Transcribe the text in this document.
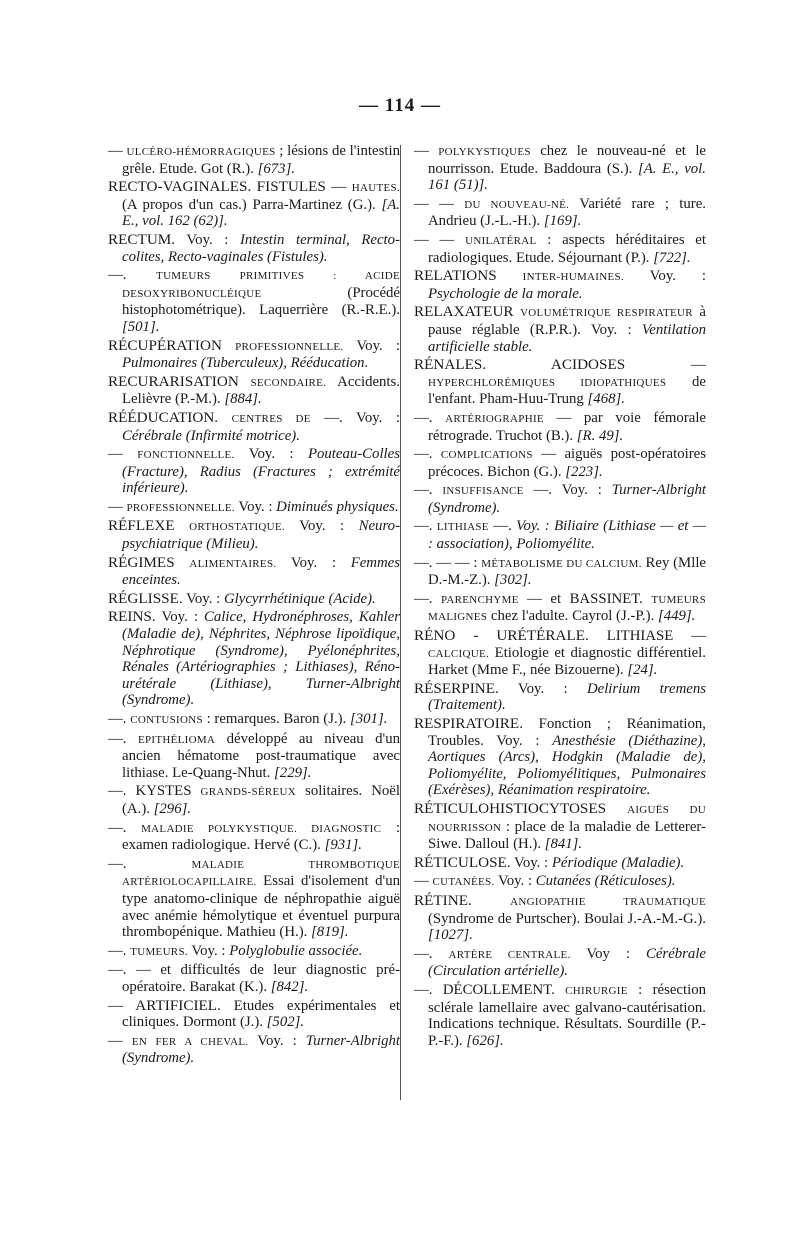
— 114 —

— ULCÉRO-HÉMORRAGIQUES ; lésions de l'intestin grêle. Etude. Got (R.). [673].

RECTO-VAGINALES. FISTULES — HAUTES. (A propos d'un cas.) Parra-Martinez (G.). [A. E., vol. 162 (62)].

RECTUM. Voy. : Intestin terminal, Recto-colites, Recto-vaginales (Fistules).

—. TUMEURS PRIMITIVES : ACIDE DESOXYRIBONUCLÉIQUE (Procédé histophotométrique). Laquerrière (R.-R.E.). [501].

RÉCUPÉRATION PROFESSIONNELLE. Voy. : Pulmonaires (Tuberculeux), Rééducation.

RECURARISATION SECONDAIRE. Accidents. Lelièvre (P.-M.). [884].

RÉÉDUCATION. CENTRES DE —. Voy. : Cérébrale (Infirmité motrice).

— FONCTIONNELLE. Voy. : Pouteau-Colles (Fracture), Radius (Fractures ; extrémité inférieure).

— PROFESSIONNELLE. Voy. : Diminués physiques.

RÉFLEXE ORTHOSTATIQUE. Voy. : Neuro-psychiatrique (Milieu).

RÉGIMES ALIMENTAIRES. Voy. : Femmes enceintes.

RÉGLISSE. Voy. : Glycyrrhétinique (Acide).

REINS. Voy. : Calice, Hydronéphroses, Kahler (Maladie de), Néphrites, Néphrose lipoïdique, Néphrotique (Syndrome), Pyélonéphrites, Rénales (Artériographies ; Lithiases), Réno-urétérale (Lithiase), Turner-Albright (Syndrome).

—. CONTUSIONS : remarques. Baron (J.). [301].

—. EPITHÉLIOMA développé au niveau d'un ancien hématome post-traumatique avec lithiase. Le-Quang-Nhut. [229].

—. KYSTES GRANDS-SÉREUX solitaires. Noël (A.). [296].

—. MALADIE POLYKYSTIQUE. DIAGNOSTIC : examen radiologique. Hervé (C.). [931].

—. MALADIE THROMBOTIQUE ARTÉRIOLOCAPILLAIRE. Essai d'isolement d'un type anatomo-clinique de néphropathie aiguë avec anémie hémolytique et éventuel purpura thrombopénique. Mathieu (H.). [819].

—. TUMEURS. Voy. : Polyglobulie associée.

—. — et difficultés de leur diagnostic pré-opératoire. Barakat (K.). [842].

— ARTIFICIEL. Etudes expérimentales et cliniques. Dormont (J.). [502].

— EN FER A CHEVAL. Voy. : Turner-Albright (Syndrome).

— POLYKYSTIQUES chez le nouveau-né et le nourrisson. Etude. Baddoura (S.). [A. E., vol. 161 (51)].

— — DU NOUVEAU-NÉ. Variété rare ; ture. Andrieu (J.-L.-H.). [169].

— — UNILATÉRAL : aspects héréditaires et radiologiques. Etude. Séjournant (P.). [722].

RELATIONS INTER-HUMAINES. Voy. : Psychologie de la morale.

RELAXATEUR VOLUMÉTRIQUE RESPIRATEUR à pause réglable (R.P.R.). Voy. : Ventilation artificielle stable.

RÉNALES. ACIDOSES — HYPERCHLORÉMIQUES IDIOPATHIQUES de l'enfant. Pham-Huu-Trung [468].

—. ARTÉRIOGRAPHIE — par voie fémorale rétrograde. Truchot (B.). [R. 49].

—. COMPLICATIONS — aiguës post-opératoires précoces. Bichon (G.). [223].

—. INSUFFISANCE —. Voy. : Turner-Albright (Syndrome).

—. LITHIASE —. Voy. : Biliaire (Lithiase — et — : association), Poliomyélite.

—. — — : MÉTABOLISME DU CALCIUM. Rey (Mlle D.-M.-Z.). [302].

—. PARENCHYME — et BASSINET. TUMEURS MALIGNES chez l'adulte. Cayrol (J.-P.). [449].

RÉNO - URÉTÉRALE. LITHIASE — CALCIQUE. Etiologie et diagnostic différentiel. Harket (Mme F., née Bizouerne). [24].

RÉSERPINE. Voy. : Delirium tremens (Traitement).

RESPIRATOIRE. Fonction ; Réanimation, Troubles. Voy. : Anesthésie (Diéthazine), Aortiques (Arcs), Hodgkin (Maladie de), Poliomyélite, Poliomyélitiques, Pulmonaires (Exérèses), Réanimation respiratoire.

RÉTICULOHISTIOCYTOSES AIGUËS DU NOURRISSON : place de la maladie de Letterer-Siwe. Dalloul (H.). [841].

RÉTICULOSE. Voy. : Périodique (Maladie).

— CUTANÉES. Voy. : Cutanées (Réticuloses).

RÉTINE.	ANGIOPATHIE TRAUMATIQUE (Syndrome de Purtscher). Boulai J.-A.-M.-G.). [1027].

—. ARTÈRE CENTRALE. Voy : Cérébrale (Circulation artérielle).

—. DÉCOLLEMENT. CHIRURGIE : résection sclérale lamellaire avec galvano-cautérisation. Indications technique. Résultats. Sourdille (P.-P.-F.). [626].
